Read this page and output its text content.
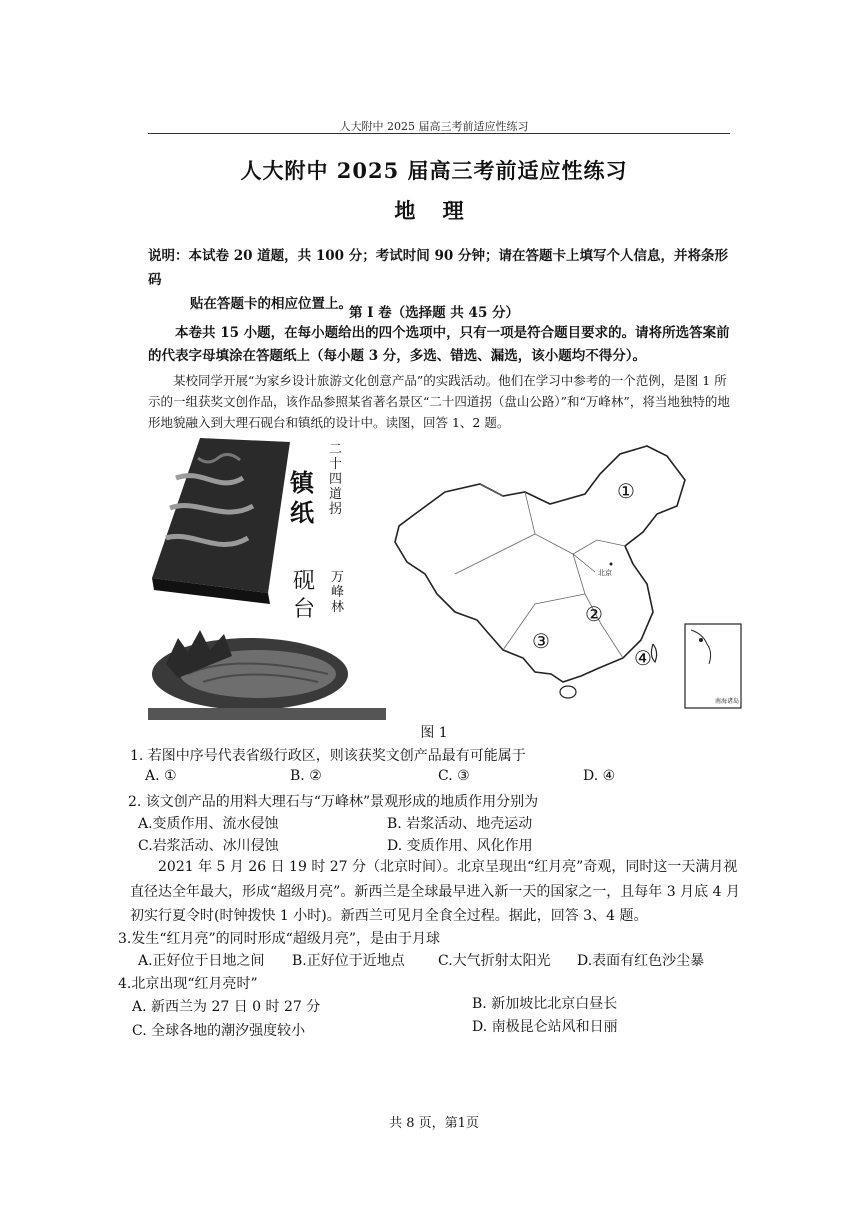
人大附中 2025 届高三考前适应性练习
人大附中 2025 届高三考前适应性练习
地 理
说明：本试卷 20 道题，共 100 分；考试时间 90 分钟；请在答题卡上填写个人信息，并将条形码

贴在答题卡的相应位置上。
第 I 卷（选择题 共 45 分）
本卷共 15 小题，在每小题给出的四个选项中，只有一项是符合题目要求的。请将所选答案前的代表字母填涂在答题纸上（每小题 3 分，多选、错选、漏选，该小题均不得分）。
某校同学开展“为家乡设计旅游文化创意产品”的实践活动。他们在学习中参考的一个范例，是图 1 所示的一组获奖文创作品，该作品参照某省著名景区“二十四道拐（盘山公路）”和“万峰林”，将当地独特的地形地貌融入到大理石砚台和镇纸的设计中。读图，回答 1、2 题。
二十四道拐
镇纸
万峰林
砚台
①
②
③
④
北京
南海诸岛
图 1
1. 若图中序号代表省级行政区，则该获奖文创产品最有可能属于
A. ①	B. ②	C. ③	D. ④
2. 该文创产品的用料大理石与“万峰林”景观形成的地质作用分别为
A.变质作用、流水侵蚀	B. 岩浆活动、地壳运动
C.岩浆活动、冰川侵蚀	D. 变质作用、风化作用
2021 年 5 月 26 日 19 时 27 分（北京时间）。北京呈现出“红月亮”奇观，同时这一天满月视直径达全年最大，形成“超级月亮”。新西兰是全球最早进入新一天的国家之一，且每年 3 月底 4 月初实行夏令时(时钟拨快 1 小时)。新西兰可见月全食全过程。据此，回答 3、4 题。
3.发生“红月亮”的同时形成“超级月亮”，是由于月球
A.正好位于日地之间 B.正好位于近地点 C.大气折射太阳光 D.表面有红色沙尘暴
4.北京出现“红月亮时”
A. 新西兰为 27 日 0 时 27 分	B. 新加坡比北京白昼长
C. 全球各地的潮汐强度较小	D. 南极昆仑站风和日丽
共 8 页，第1页
